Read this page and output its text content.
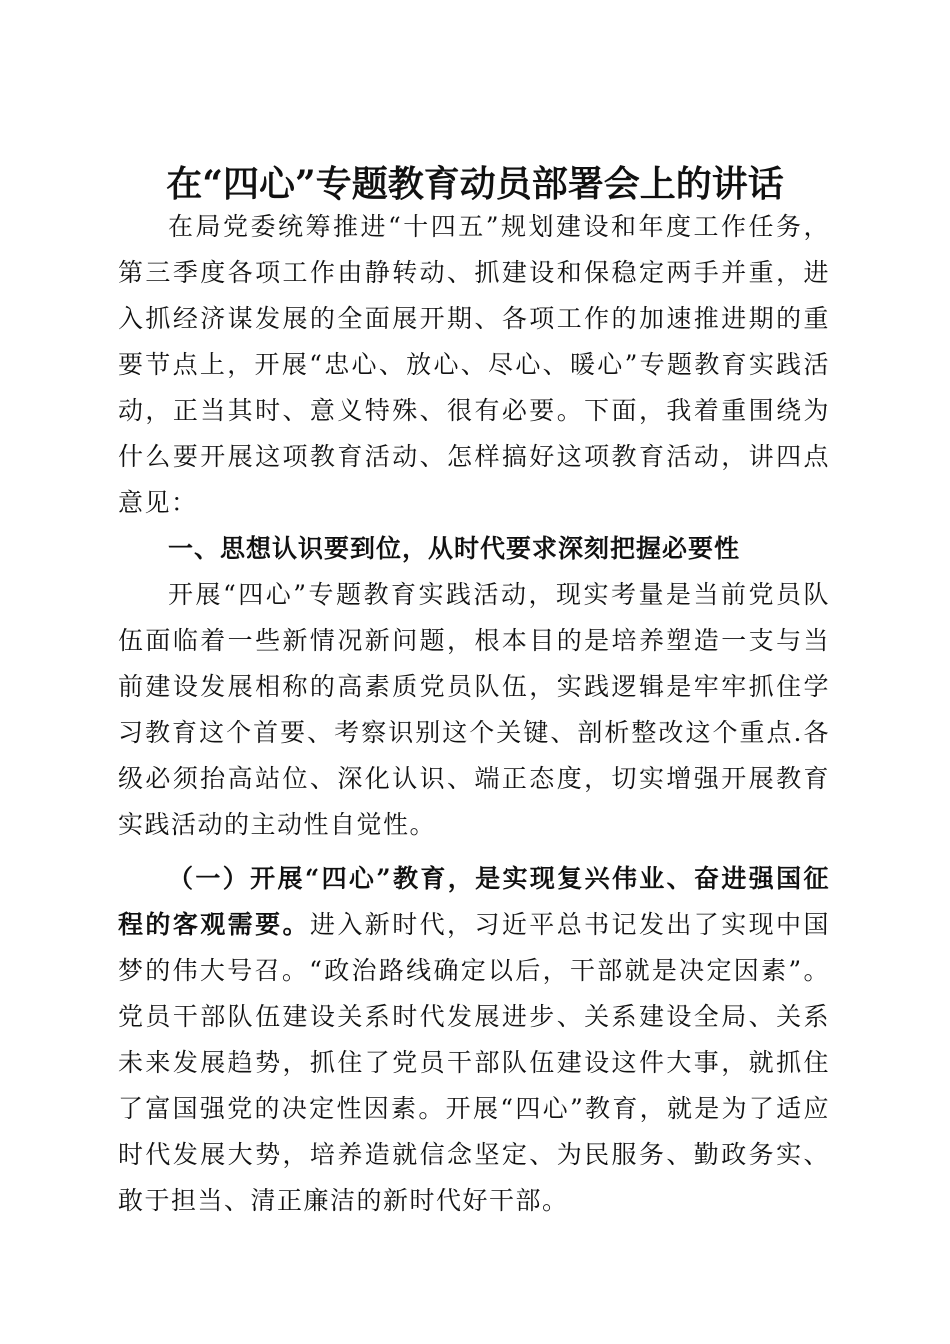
在“四心”专题教育动员部署会上的讲话

在局党委统筹推进“十四五”规划建设和年度工作任务，第三季度各项工作由静转动、抓建设和保稳定两手并重，进入抓经济谋发展的全面展开期、各项工作的加速推进期的重要节点上，开展“忠心、放心、尽心、暖心”专题教育实践活动，正当其时、意义特殊、很有必要。下面，我着重围绕为什么要开展这项教育活动、怎样搞好这项教育活动，讲四点意见：

一、思想认识要到位，从时代要求深刻把握必要性

开展“四心”专题教育实践活动，现实考量是当前党员队伍面临着一些新情况新问题，根本目的是培养塑造一支与当前建设发展相称的高素质党员队伍，实践逻辑是牢牢抓住学习教育这个首要、考察识别这个关键、剖析整改这个重点.各级必须抬高站位、深化认识、端正态度，切实增强开展教育实践活动的主动性自觉性。

（一）开展“四心”教育，是实现复兴伟业、奋进强国征程的客观需要。进入新时代，习近平总书记发出了实现中国梦的伟大号召。“政治路线确定以后，干部就是决定因素”。党员干部队伍建设关系时代发展进步、关系建设全局、关系未来发展趋势，抓住了党员干部队伍建设这件大事，就抓住了富国强党的决定性因素。开展“四心”教育，就是为了适应时代发展大势，培养造就信念坚定、为民服务、勤政务实、敢于担当、清正廉洁的新时代好干部。
